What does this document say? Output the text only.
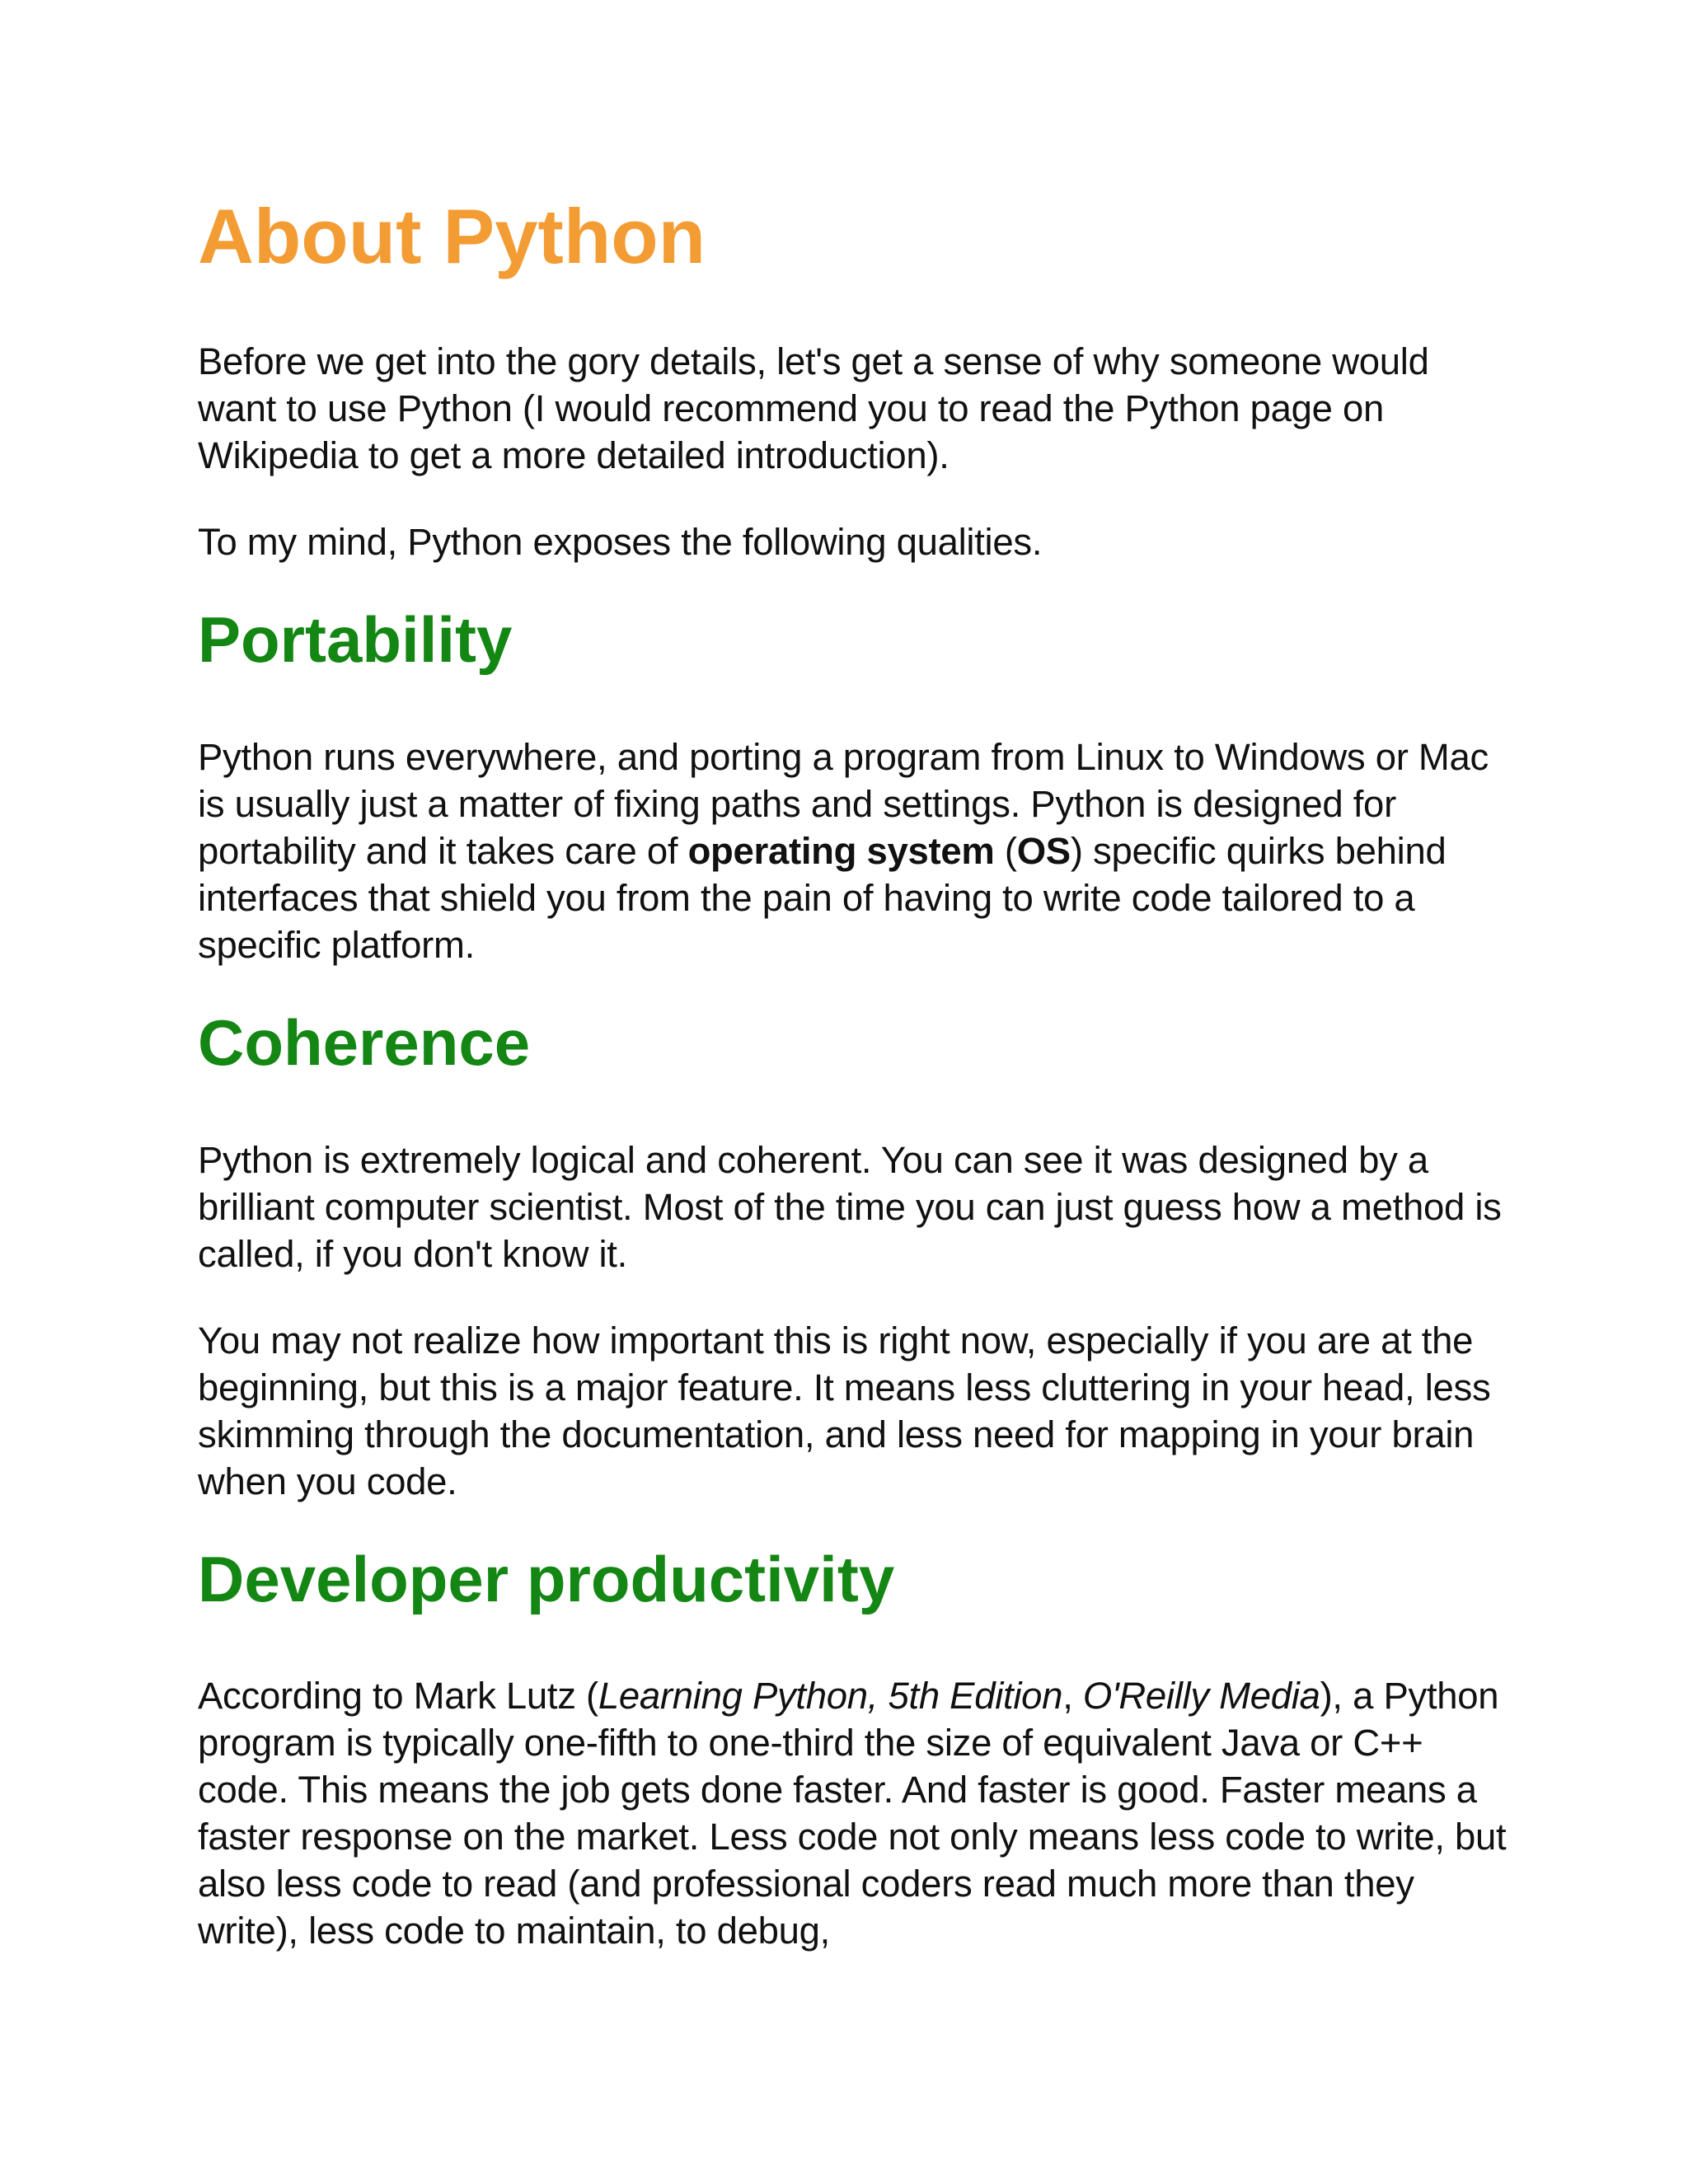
About Python

Before we get into the gory details, let's get a sense of why someone would want to use Python (I would recommend you to read the Python page on Wikipedia to get a more detailed introduction).

To my mind, Python exposes the following qualities.

Portability

Python runs everywhere, and porting a program from Linux to Windows or Mac is usually just a matter of fixing paths and settings. Python is designed for portability and it takes care of operating system (OS) specific quirks behind interfaces that shield you from the pain of having to write code tailored to a specific platform.

Coherence

Python is extremely logical and coherent. You can see it was designed by a brilliant computer scientist. Most of the time you can just guess how a method is called, if you don't know it.

You may not realize how important this is right now, especially if you are at the beginning, but this is a major feature. It means less cluttering in your head, less skimming through the documentation, and less need for mapping in your brain when you code.

Developer productivity

According to Mark Lutz (Learning Python, 5th Edition, O'Reilly Media), a Python program is typically one-fifth to one-third the size of equivalent Java or C++ code. This means the job gets done faster. And faster is good. Faster means a faster response on the market. Less code not only means less code to write, but also less code to read (and professional coders read much more than they write), less code to maintain, to debug,
